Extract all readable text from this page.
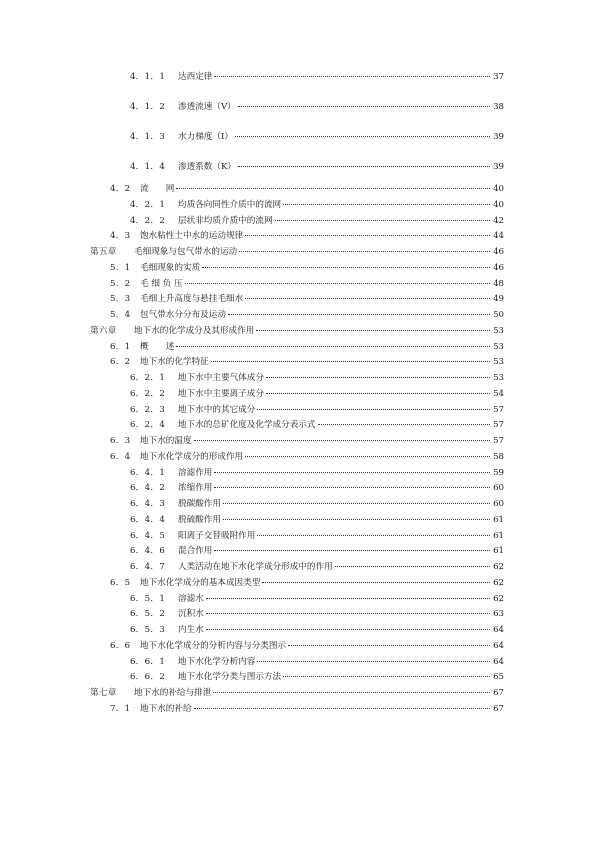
4．1．1	达西定律	37
4．1．2	渗透流速（V）	38
4．1．3	水力梯度（I）	39
4．1．4	渗透系数（K）	39
4．2	流　　网	40
4．2．1	均质各向同性介质中的流网	40
4．2．2	层状非均质介质中的流网	42
4．3	饱水粘性土中水的运动规律	44
第五章	毛细现象与包气带水的运动	46
5．1	毛细现象的实质	46
5．2	毛 细 负 压	48
5．3	毛细上升高度与悬挂毛细水	49
5．4	包气带水分分布及运动	50
第六章	地下水的化学成分及其形成作用	53
6．1	概　　述	53
6．2	地下水的化学特征	53
6．2．1	地下水中主要气体成分	53
6．2．2	地下水中主要离子成分	54
6．2．3	地下水中的其它成分	57
6．2．4	地下水的总矿化度及化学成分表示式	57
6．3	地下水的温度	57
6．4	地下水化学成分的形成作用	58
6．4．1	溶滤作用	59
6．4．2	浓缩作用	60
6．4．3	脱碳酸作用	60
6．4．4	脱硫酸作用	61
6．4．5	阳离子交替吸附作用	61
6．4．6	混合作用	61
6．4．7	人类活动在地下水化学成分形成中的作用	62
6．5	地下水化学成分的基本成因类型	62
6．5．1	溶滤水	62
6．5．2	沉积水	63
6．5．3	内生水	64
6．6	地下水化学成分的分析内容与分类图示	64
6．6．1	地下水化学分析内容	64
6．6．2	地下水化学分类与图示方法	65
第七章	地下水的补给与排泄	67
7．1	地下水的补给	67
